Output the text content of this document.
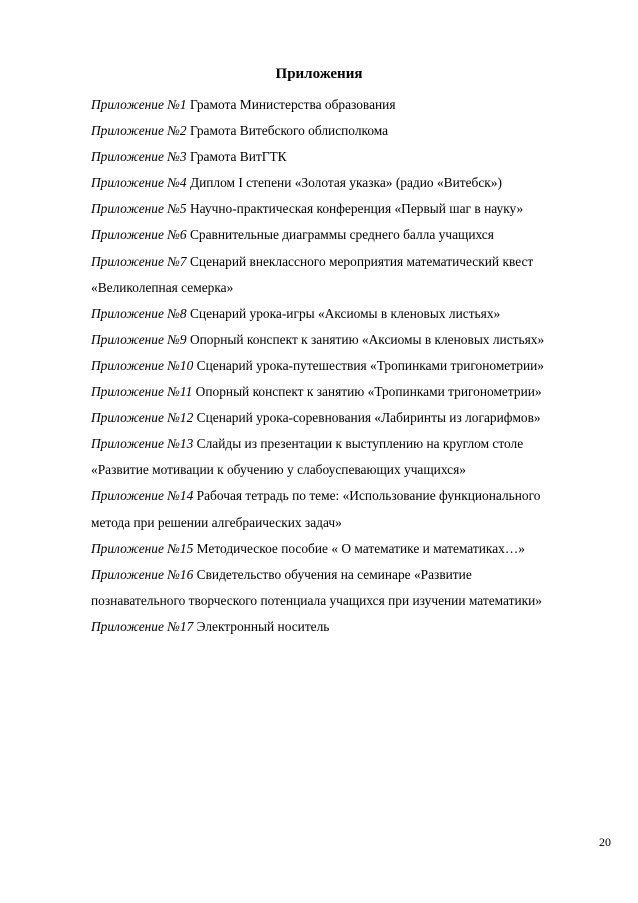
Приложения
Приложение №1 Грамота Министерства образования
Приложение №2 Грамота Витебского облисполкома
Приложение №3 Грамота ВитГТК
Приложение №4 Диплом I степени «Золотая указка» (радио «Витебск»)
Приложение №5 Научно-практическая конференция «Первый шаг в науку»
Приложение №6 Сравнительные диаграммы среднего балла учащихся
Приложение №7 Сценарий внеклассного мероприятия математический квест
«Великолепная семерка»
Приложение №8 Сценарий урока-игры «Аксиомы в кленовых листьях»
Приложение №9 Опорный конспект к занятию «Аксиомы в кленовых листьях»
Приложение №10 Сценарий урока-путешествия «Тропинками тригонометрии»
Приложение №11 Опорный конспект к занятию «Тропинками тригонометрии»
Приложение №12 Сценарий урока-соревнования «Лабиринты из логарифмов»
Приложение №13 Слайды из презентации к выступлению на круглом столе
«Развитие мотивации к обучению у слабоуспевающих учащихся»
Приложение №14 Рабочая тетрадь по теме: «Использование функционального
метода при решении алгебраических задач»
Приложение №15 Методическое пособие « О математике и математиках…»
Приложение №16 Свидетельство обучения на семинаре «Развитие
познавательного творческого потенциала учащихся при изучении математики»
Приложение №17 Электронный носитель
20
